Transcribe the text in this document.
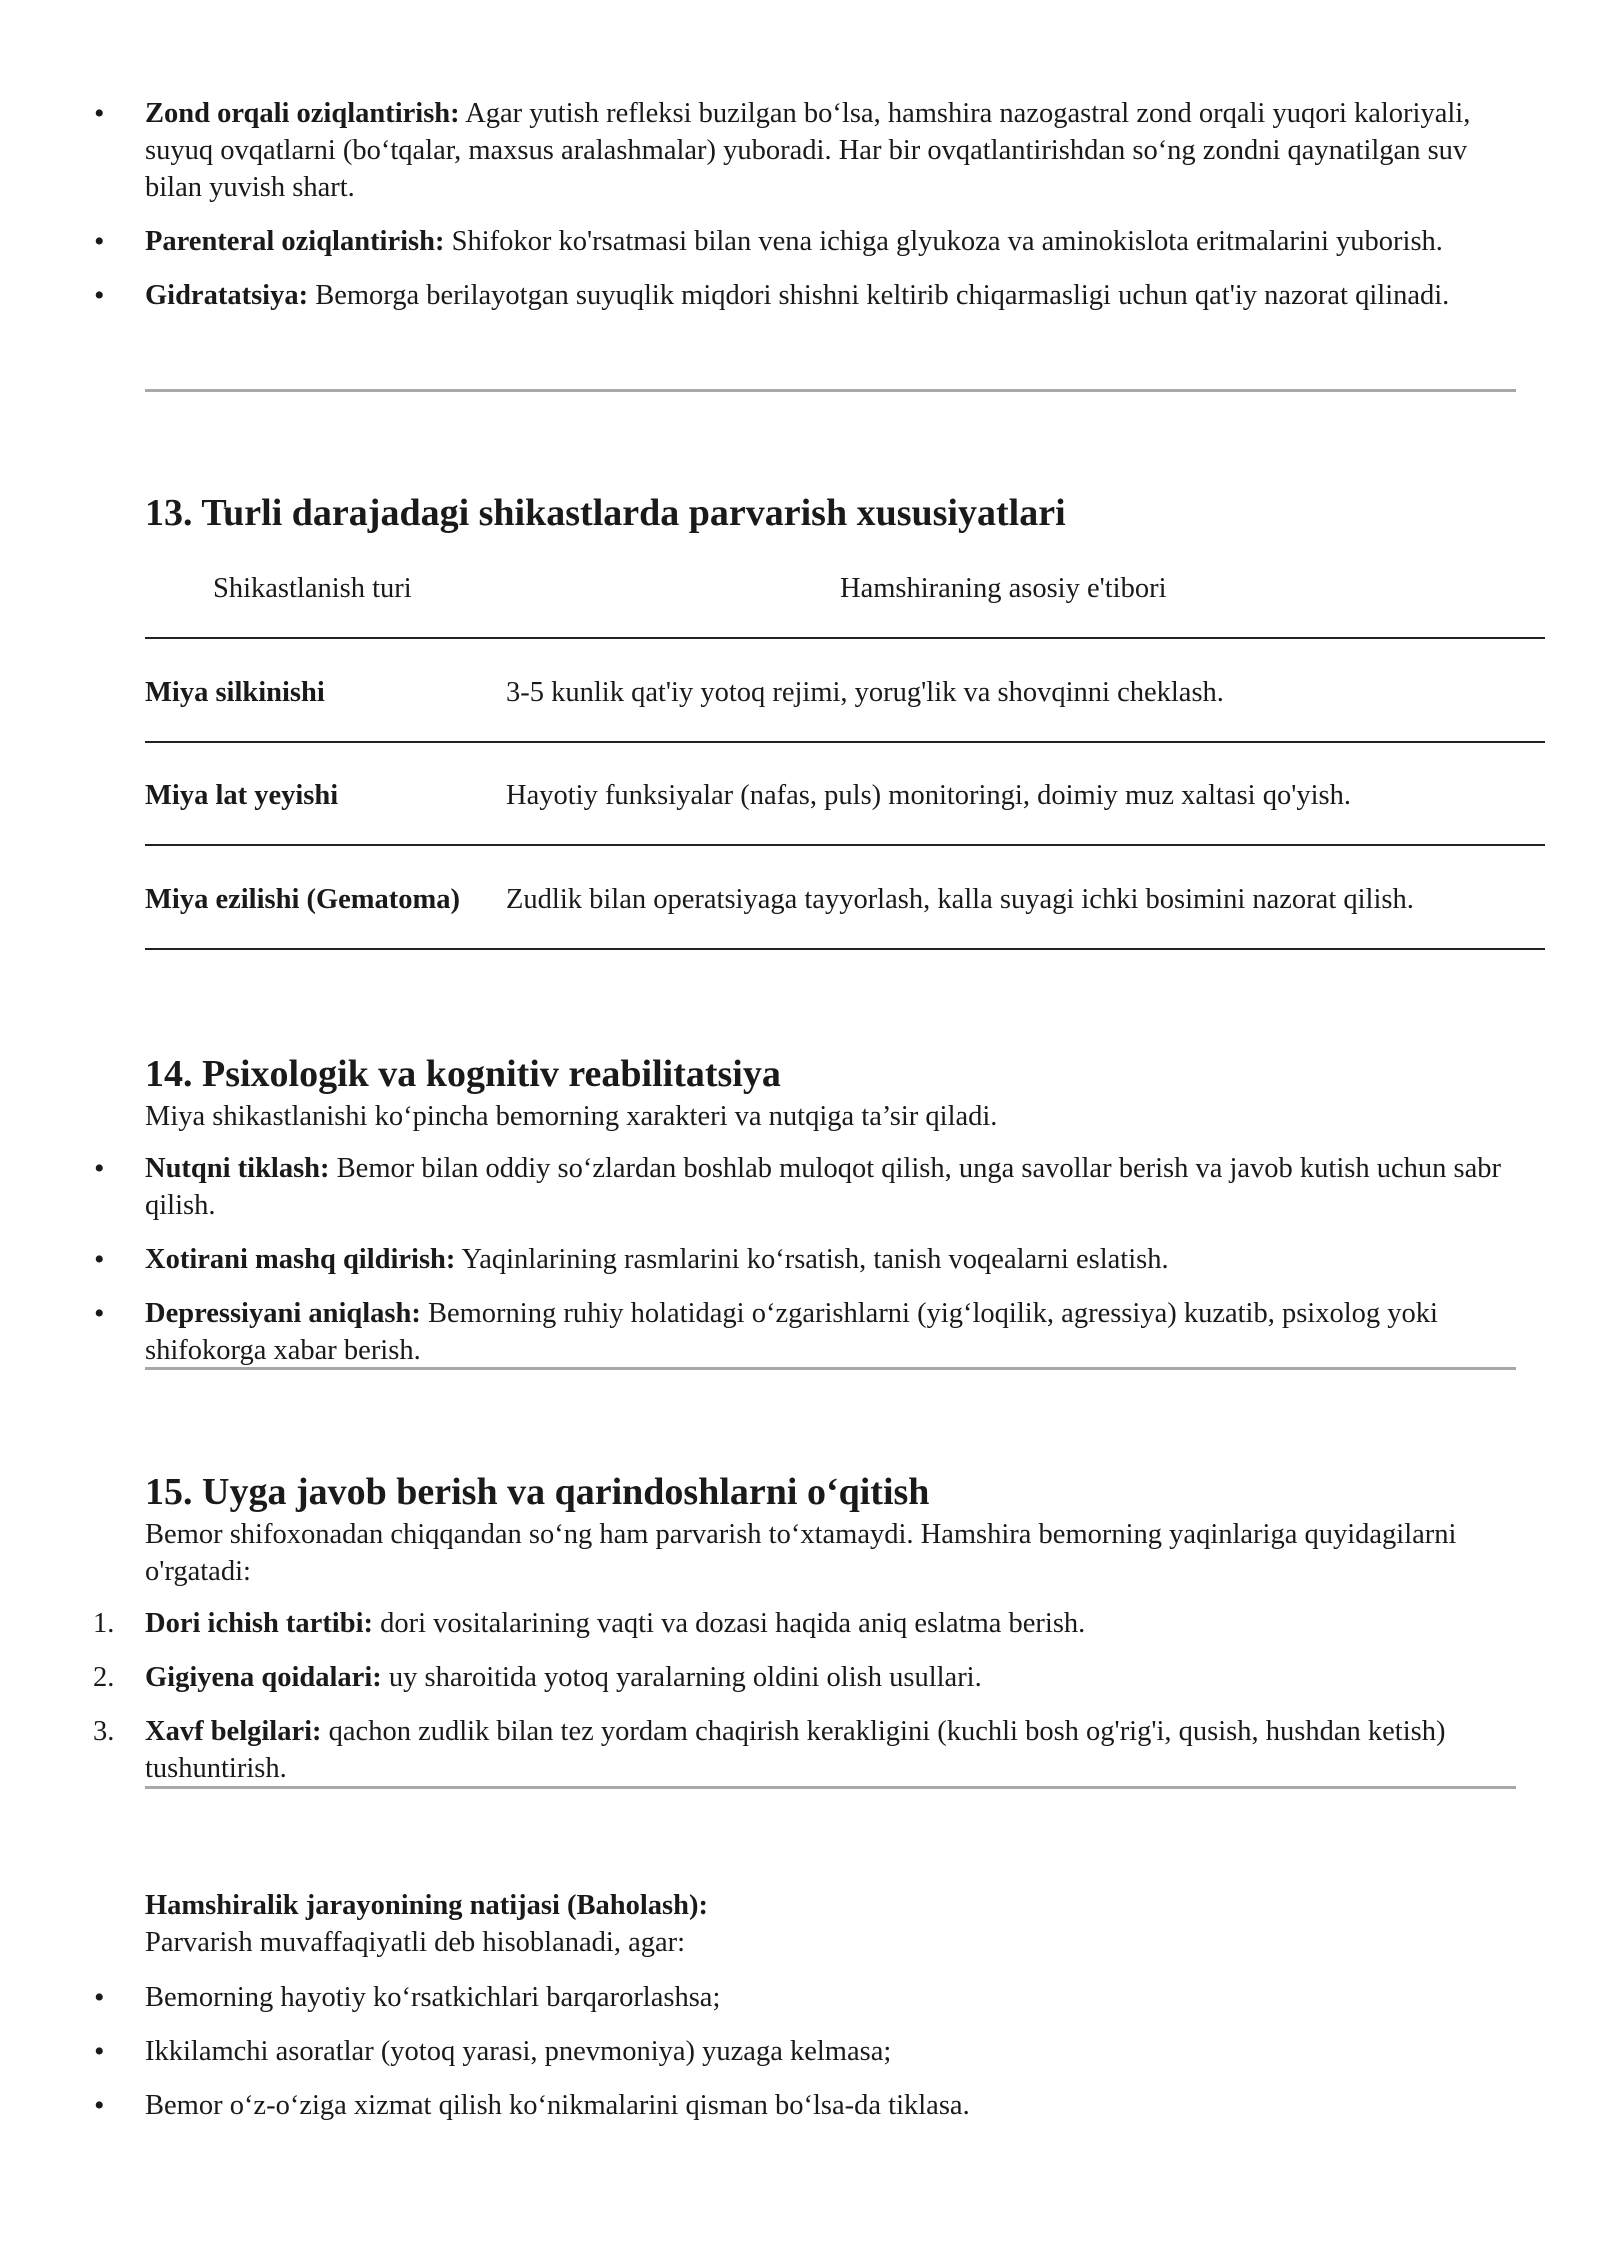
• Zond orqali oziqlantirish: Agar yutish refleksi buzilgan bo‘lsa, hamshira nazogastral zond orqali yuqori kaloriyali, suyuq ovqatlarni (bo‘tqalar, maxsus aralashmalar) yuboradi. Har bir ovqatlantirishdan so‘ng zondni qaynatilgan suv bilan yuvish shart.
• Parenteral oziqlantirish: Shifokor ko'rsatmasi bilan vena ichiga glyukoza va aminokislota eritmalarini yuborish.
• Gidratatsiya: Bemorga berilayotgan suyuqlik miqdori shishni keltirib chiqarmasligi uchun qat'iy nazorat qilinadi.
13. Turli darajadagi shikastlarda parvarish xususiyatlari
Shikastlanish turi	Hamshiraning asosiy e'tibori
Miya silkinishi	3-5 kunlik qat'iy yotoq rejimi, yorug'lik va shovqinni cheklash.
Miya lat yeyishi	Hayotiy funksiyalar (nafas, puls) monitoringi, doimiy muz xaltasi qo'yish.
Miya ezilishi (Gematoma) Zudlik bilan operatsiyaga tayyorlash, kalla suyagi ichki bosimini nazorat qilish.
14. Psixologik va kognitiv reabilitatsiya
Miya shikastlanishi ko‘pincha bemorning xarakteri va nutqiga ta’sir qiladi.
• Nutqni tiklash: Bemor bilan oddiy so‘zlardan boshlab muloqot qilish, unga savollar berish va javob kutish uchun sabr qilish.
• Xotirani mashq qildirish: Yaqinlarining rasmlarini ko‘rsatish, tanish voqealarni eslatish.
• Depressiyani aniqlash: Bemorning ruhiy holatidagi o‘zgarishlarni (yig‘loqilik, agressiya) kuzatib, psixolog yoki shifokorga xabar berish.
15. Uyga javob berish va qarindoshlarni o‘qitish
Bemor shifoxonadan chiqqandan so‘ng ham parvarish to‘xtamaydi. Hamshira bemorning yaqinlariga quyidagilarni o'rgatadi:
1. Dori ichish tartibi: dori vositalarining vaqti va dozasi haqida aniq eslatma berish.
2. Gigiyena qoidalari: uy sharoitida yotoq yaralarning oldini olish usullari.
3. Xavf belgilari: qachon zudlik bilan tez yordam chaqirish kerakligini (kuchli bosh og'rig'i, qusish, hushdan ketish) tushuntirish.
Hamshiralik jarayonining natijasi (Baholash):
Parvarish muvaffaqiyatli deb hisoblanadi, agar:
• Bemorning hayotiy ko‘rsatkichlari barqarorlashsa;
• Ikkilamchi asoratlar (yotoq yarasi, pnevmoniya) yuzaga kelmasa;
• Bemor o‘z-o‘ziga xizmat qilish ko‘nikmalarini qisman bo‘lsa-da tiklasa.
